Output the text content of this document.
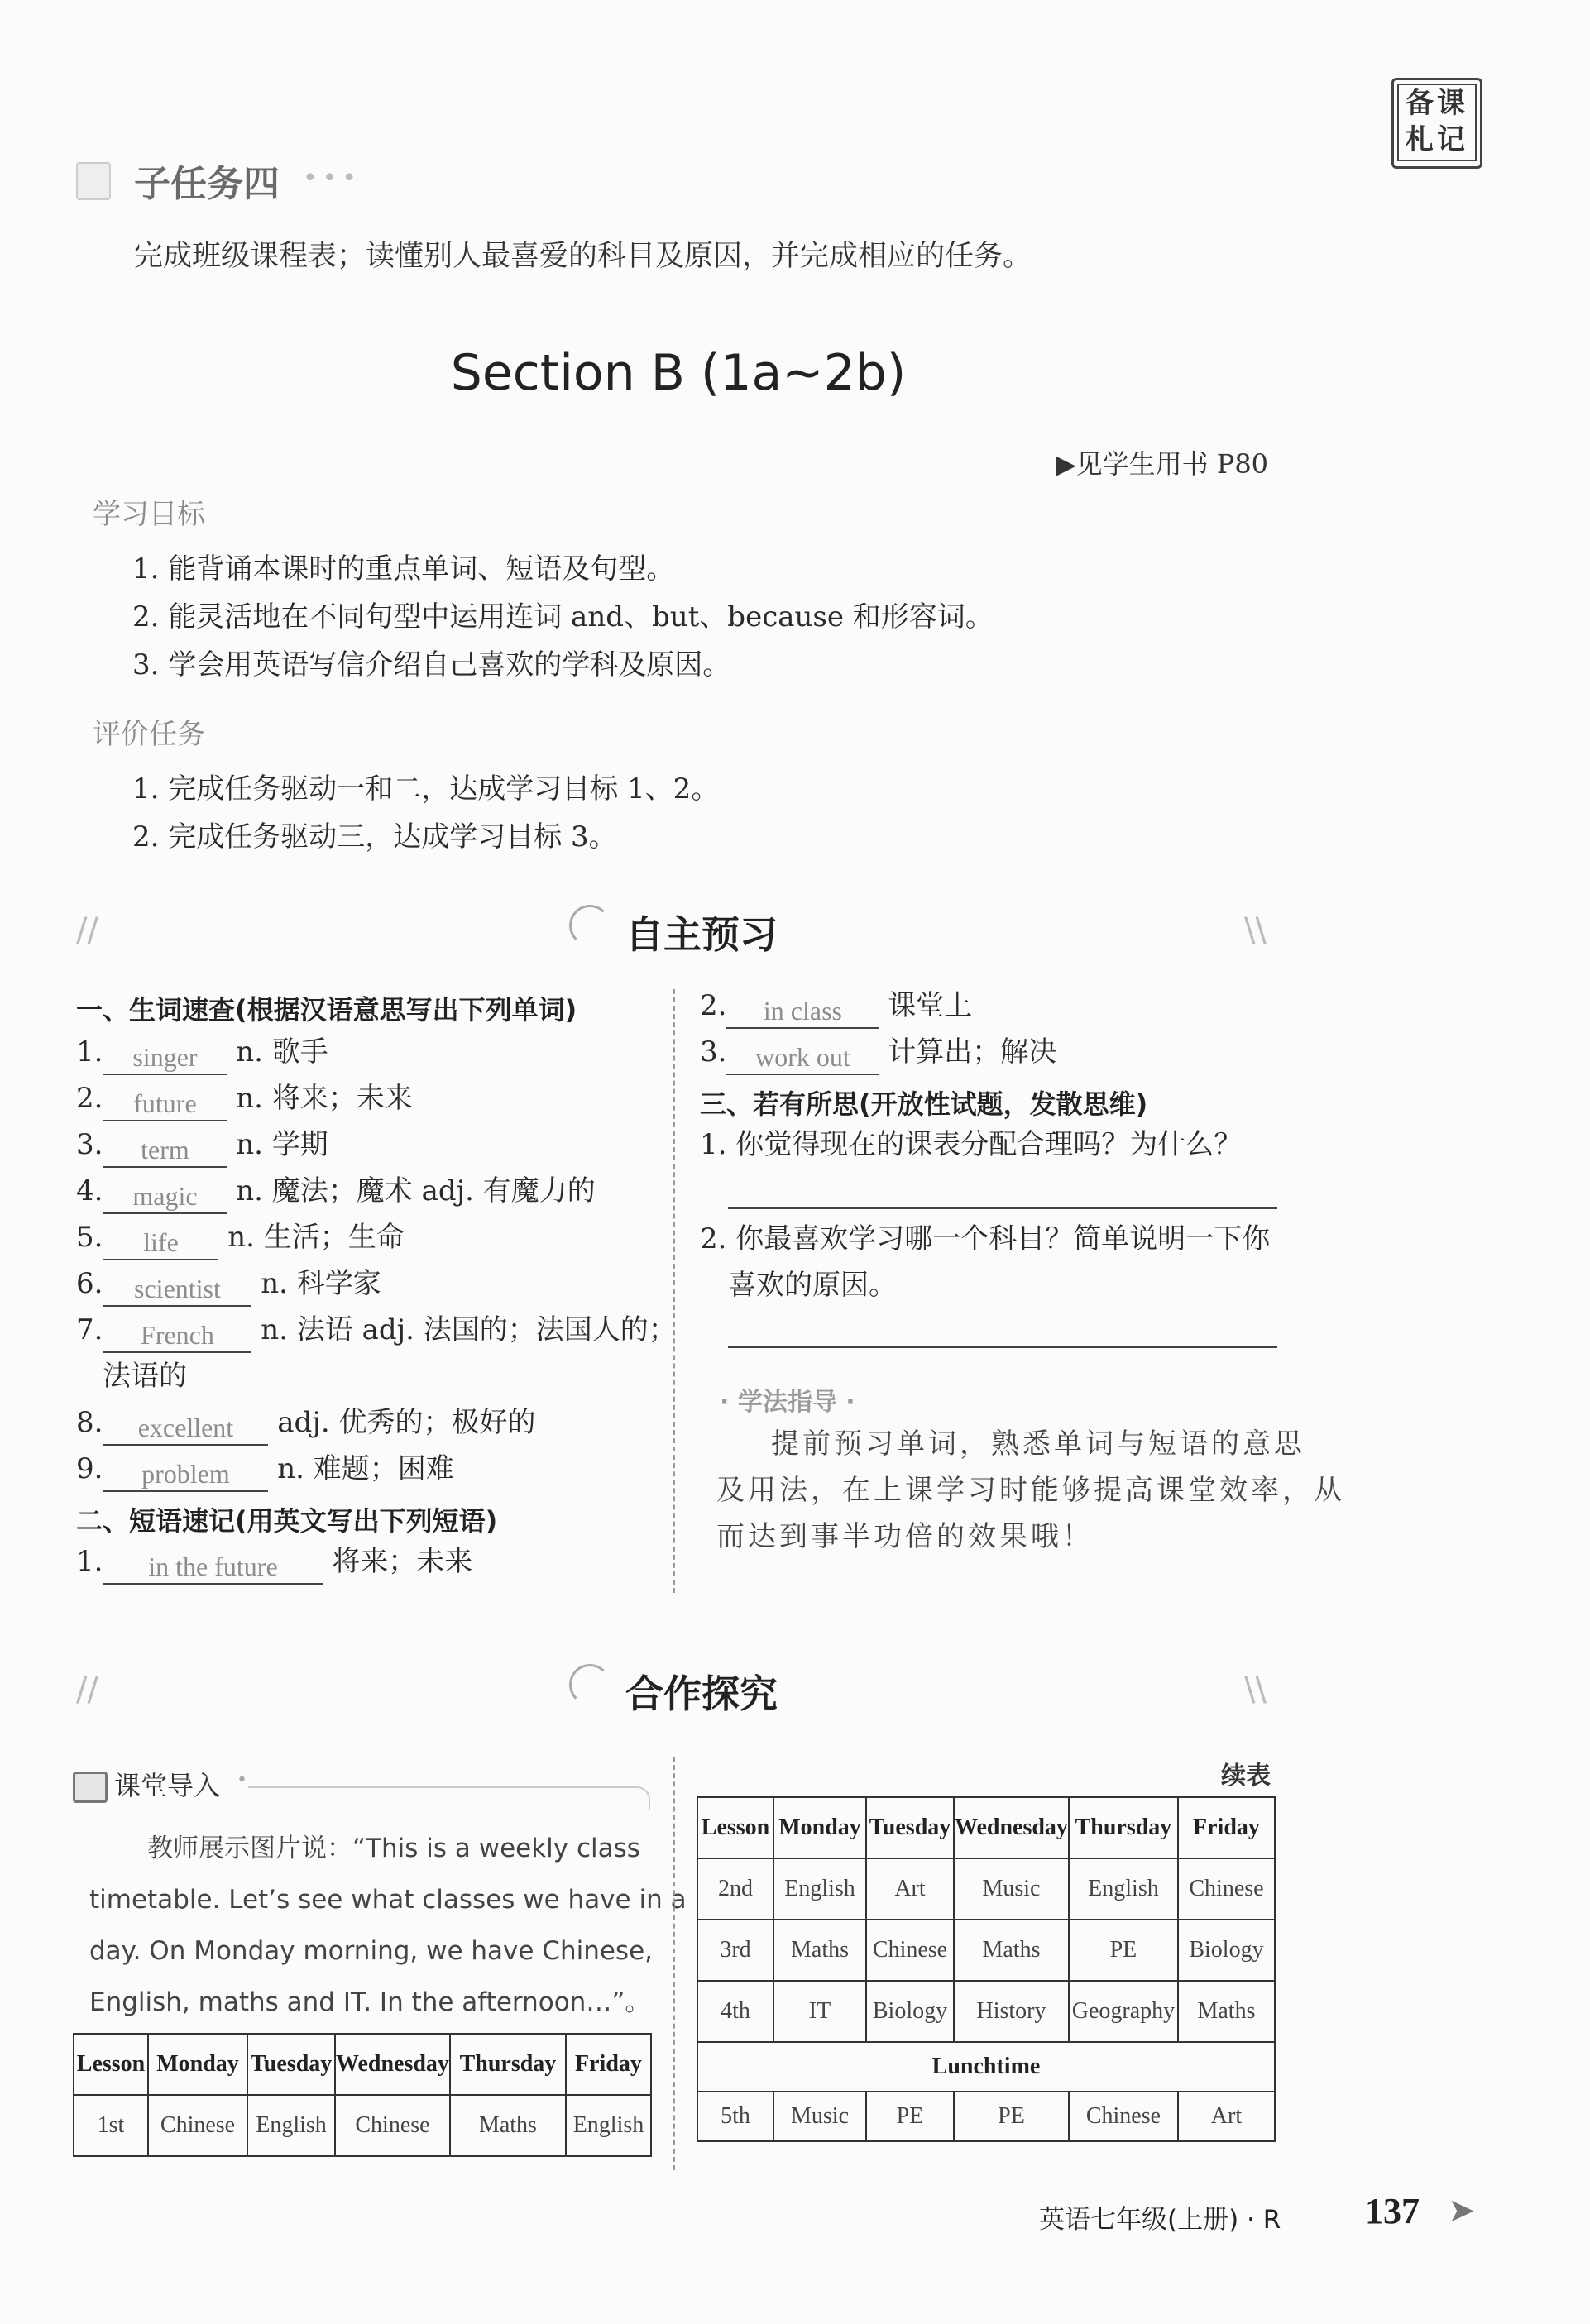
备课
札记
子任务四 •••
完成班级课程表；读懂别人最喜爱的科目及原因，并完成相应的任务。
Section B (1a~2b)
▶见学生用书 P80
学习目标
1. 能背诵本课时的重点单词、短语及句型。
2. 能灵活地在不同句型中运用连词 and、but、because 和形容词。
3. 学会用英语写信介绍自己喜欢的学科及原因。
评价任务
1. 完成任务驱动一和二，达成学习目标 1、2。
2. 完成任务驱动三，达成学习目标 3。
//	自主预习	\\
一、生词速查(根据汉语意思写出下列单词)
1. singer n. 歌手
2. future n. 将来；未来
3. term n. 学期
4. magic n. 魔法；魔术 adj. 有魔力的
5. life n. 生活；生命
6. scientist n. 科学家
7. French n. 法语 adj. 法国的；法国人的；
法语的
8. excellent adj. 优秀的；极好的
9. problem n. 难题；困难
二、短语速记(用英文写出下列短语)
1. in the future 将来；未来
2. in class 课堂上
3. work out 计算出；解决
三、若有所思(开放性试题，发散思维)
1. 你觉得现在的课表分配合理吗？为什么？
2. 你最喜欢学习哪一个科目？简单说明一下你
喜欢的原因。
· 学法指导 ·
提前预习单词，熟悉单词与短语的意思
及用法，在上课学习时能够提高课堂效率，从
而达到事半功倍的效果哦！
//	合作探究	\\
课堂导入 •
教师展示图片说：“This is a weekly class
timetable. Let’s see what classes we have in a
day. On Monday morning, we have Chinese,
English, maths and IT. In the afternoon…”。
Lesson	Monday	Tuesday	Wednesday	Thursday	Friday
1st	Chinese	English	Chinese	Maths	English
续表
Lesson	Monday	Tuesday	Wednesday	Thursday	Friday
2nd	English	Art	Music	English	Chinese
3rd	Maths	Chinese	Maths	PE	Biology
4th	IT	Biology	History	Geography	Maths
Lunchtime					
5th	Music	PE	PE	Chinese	Art
英语七年级(上册) · R 137 ➤
